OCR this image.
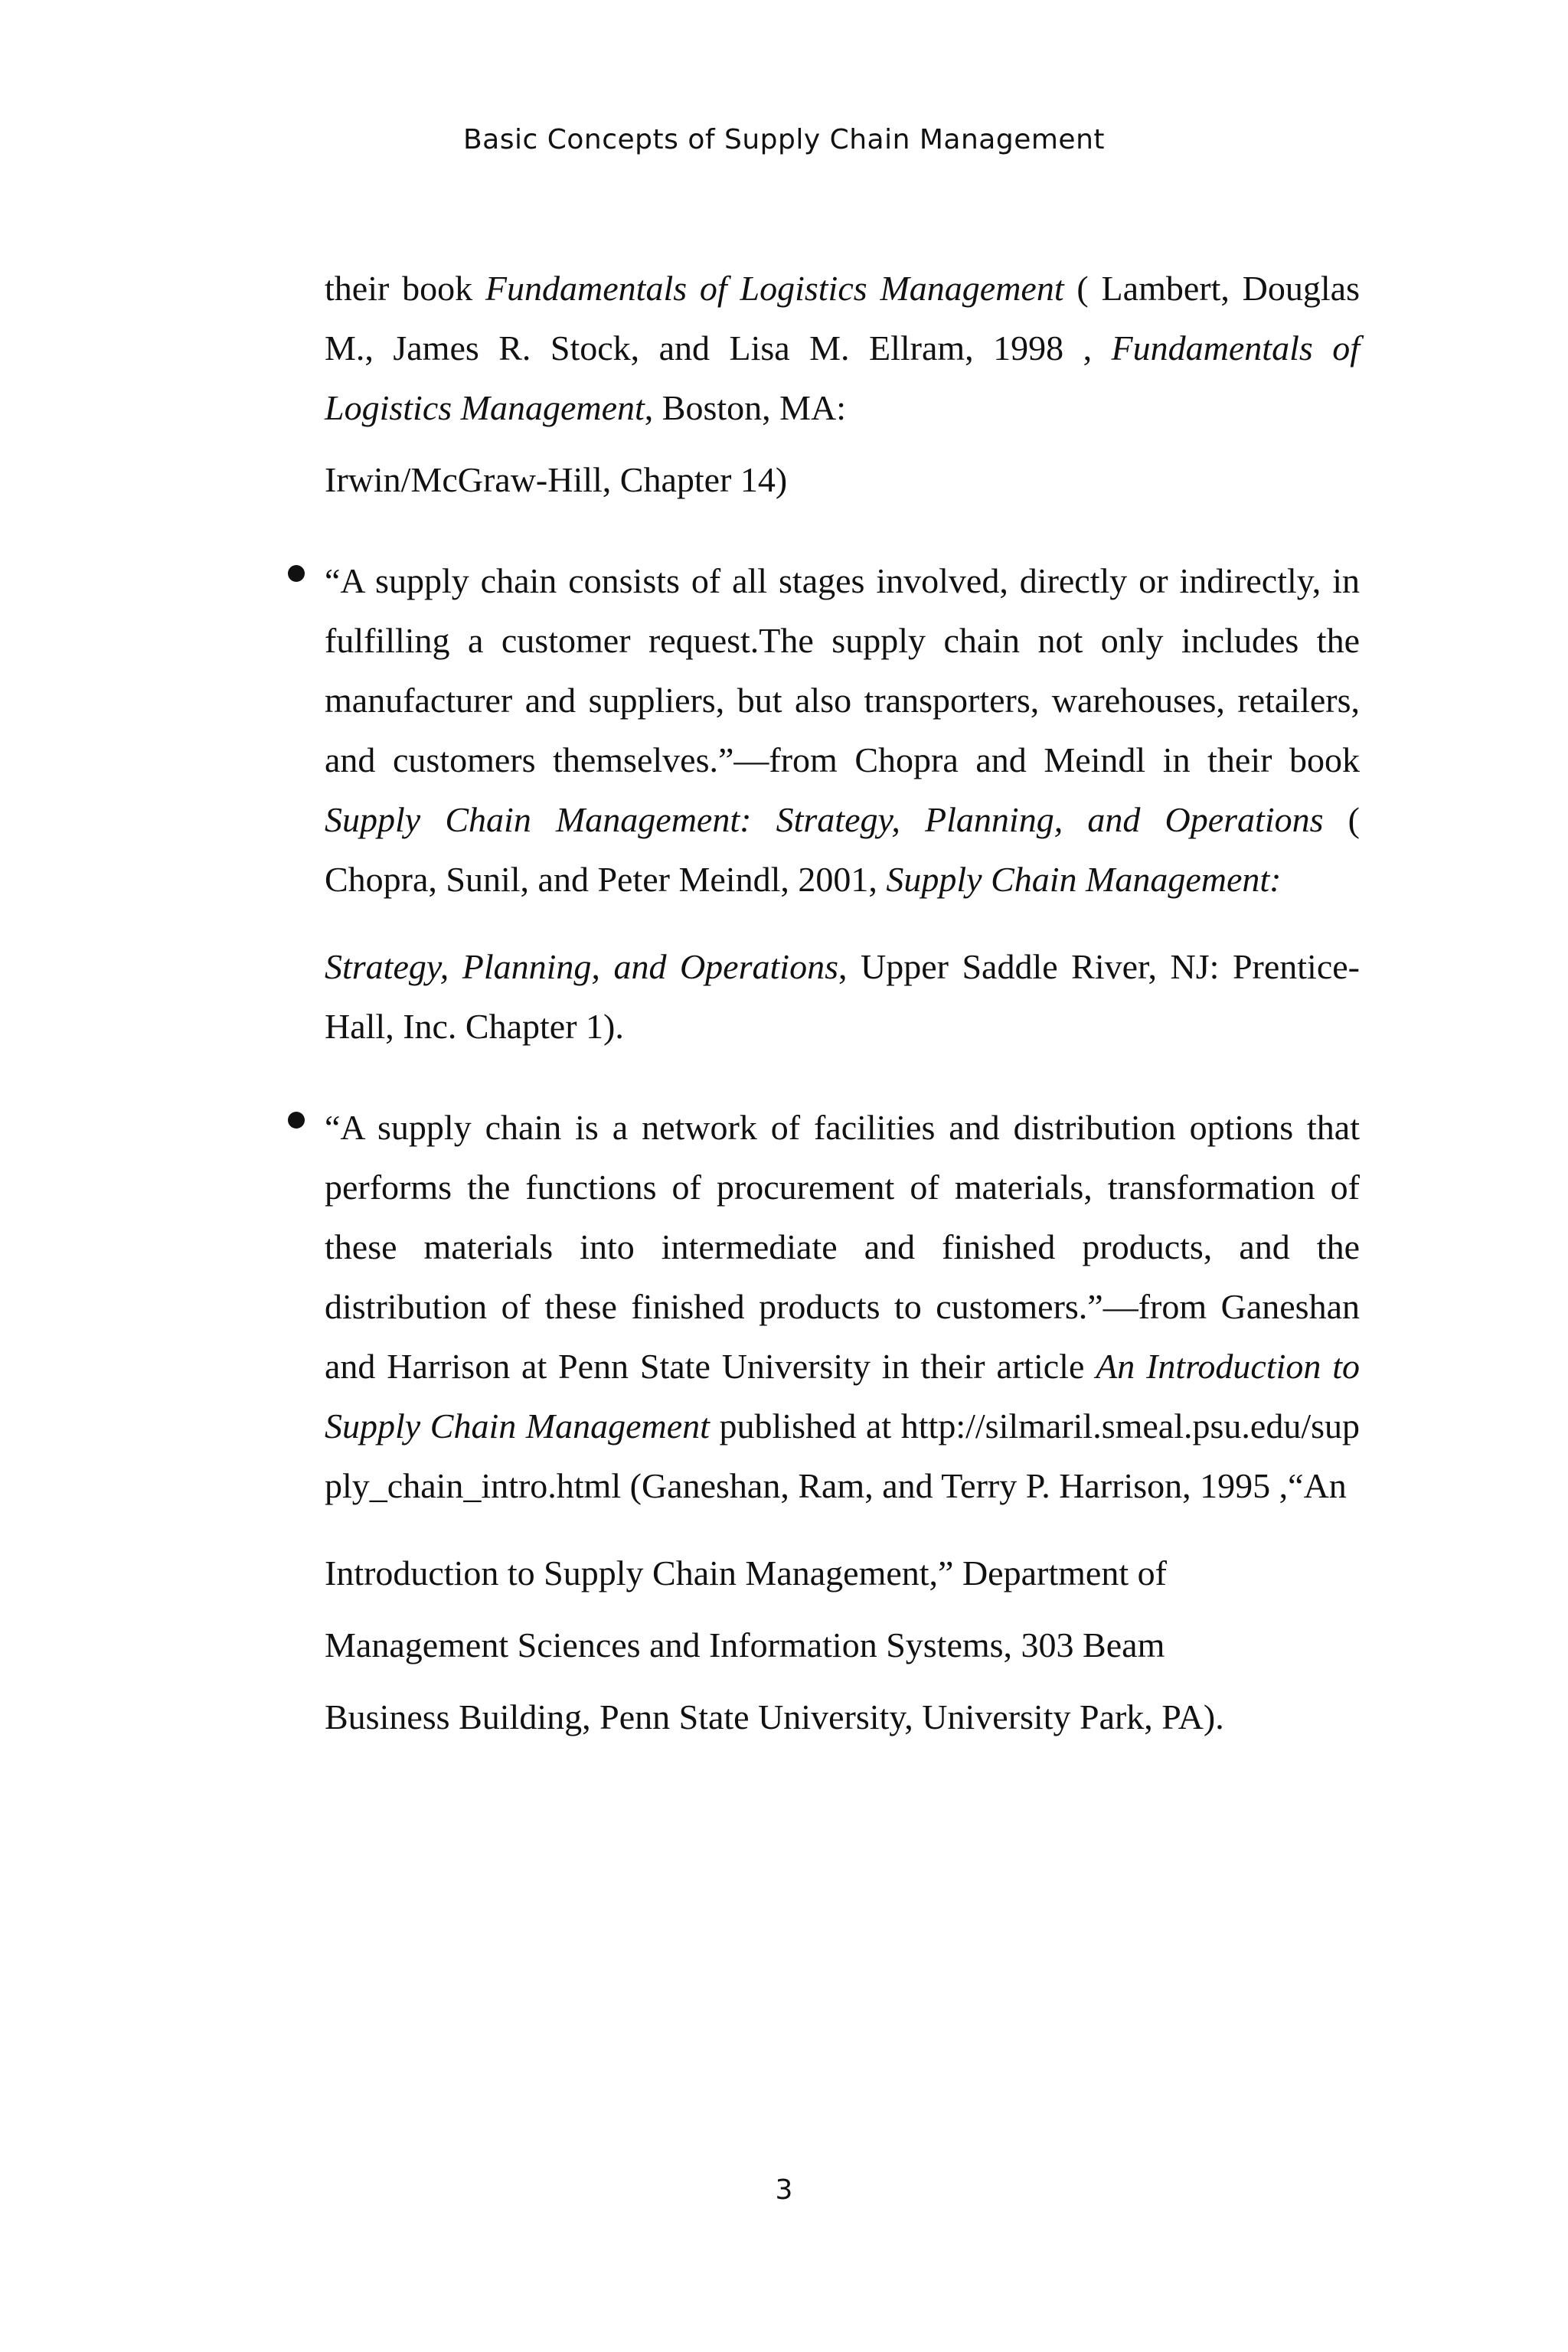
Basic Concepts of Supply Chain Management

their book Fundamentals of Logistics Management ( Lambert, Douglas M., James R. Stock, and Lisa M. Ellram, 1998 , Fundamentals of Logistics Management, Boston, MA:

Irwin/McGraw-Hill, Chapter 14)

“A supply chain consists of all stages involved, directly or indirectly, in fulfilling a customer request.The supply chain not only includes the manufacturer and suppliers, but also transporters, warehouses, retailers, and customers themselves.”—from Chopra and Meindl in their book Supply Chain Management: Strategy, Planning, and Operations ( Chopra, Sunil, and Peter Meindl, 2001, Supply Chain Management:

Strategy, Planning, and Operations, Upper Saddle River, NJ: Prentice-Hall, Inc. Chapter 1).

“A supply chain is a network of facilities and distribution options that performs the functions of procurement of materials, transformation of these materials into intermediate and finished products, and the distribution of these finished products to customers.”—from Ganeshan and Harrison at Penn State University in their article An Introduction to Supply Chain Management published at http://silmaril.smeal.psu.edu/supply_chain_intro.html (Ganeshan, Ram, and Terry P. Harrison, 1995 ,“An

Introduction to Supply Chain Management,” Department of

Management Sciences and Information Systems, 303 Beam

Business Building, Penn State University, University Park, PA).

3
